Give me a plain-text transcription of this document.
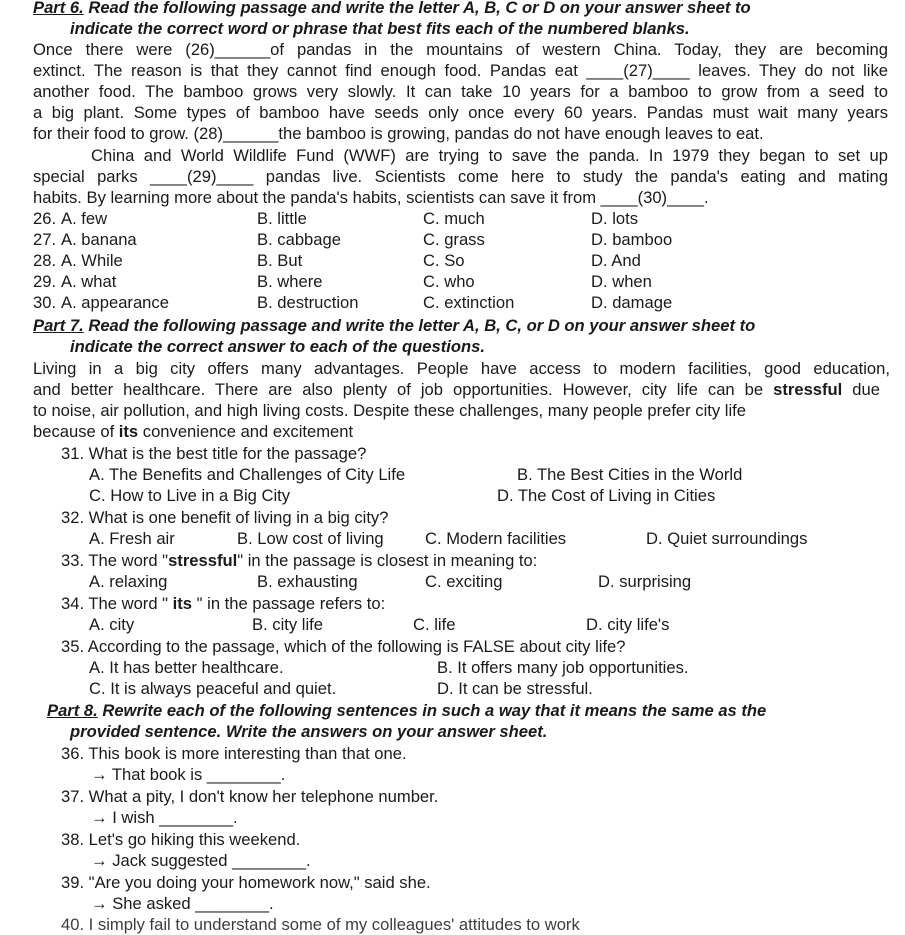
Part 6. Read the following passage and write the letter A, B, C or D on your answer sheet to
indicate the correct word or phrase that best fits each of the numbered blanks.
Once there were (26)______of pandas in the mountains of western China. Today, they are becoming
extinct. The reason is that they cannot find enough food. Pandas eat ____(27)____ leaves. They do not like
another food. The bamboo grows very slowly. It can take 10 years for a bamboo to grow from a seed to
a big plant. Some types of bamboo have seeds only once every 60 years. Pandas must wait many years
for their food to grow. (28)______the bamboo is growing, pandas do not have enough leaves to eat.
China and World Wildlife Fund (WWF) are trying to save the panda. In 1979 they began to set up
special parks ____(29)____ pandas live. Scientists come here to study the panda's eating and mating
habits. By learning more about the panda's habits, scientists can save it from ____(30)____.
26. A. few	B. little	C. much	D. lots
27. A. banana	B. cabbage	C. grass	D. bamboo
28. A. While	B. But	C. So	D. And
29. A. what	B. where	C. who	D. when
30. A. appearance	B. destruction	C. extinction	D. damage
Part 7. Read the following passage and write the letter A, B, C, or D on your answer sheet to
indicate the correct answer to each of the questions.
Living in a big city offers many advantages. People have access to modern facilities, good education,
and better healthcare. There are also plenty of job opportunities. However, city life can be stressful due
to noise, air pollution, and high living costs. Despite these challenges, many people prefer city life
because of its convenience and excitement
31. What is the best title for the passage?
A. The Benefits and Challenges of City Life	B. The Best Cities in the World
C. How to Live in a Big City	D. The Cost of Living in Cities
32. What is one benefit of living in a big city?
A. Fresh air	B. Low cost of living C. Modern facilities	D. Quiet surroundings
33. The word "stressful" in the passage is closest in meaning to:
A. relaxing	B. exhausting	C. exciting	D. surprising
34. The word " its " in the passage refers to:
A. city	B. city life	C. life	D. city life's
35. According to the passage, which of the following is FALSE about city life?
A. It has better healthcare.	B. It offers many job opportunities.
C. It is always peaceful and quiet.	D. It can be stressful.
Part 8. Rewrite each of the following sentences in such a way that it means the same as the
provided sentence. Write the answers on your answer sheet.
36. This book is more interesting than that one.
→ That book is ________.
37. What a pity, I don't know her telephone number.
→ I wish ________.
38. Let's go hiking this weekend.
→ Jack suggested ________.
39. "Are you doing your homework now," said she.
→ She asked ________.
40. I simply fail to understand some of my colleagues' attitudes to work
